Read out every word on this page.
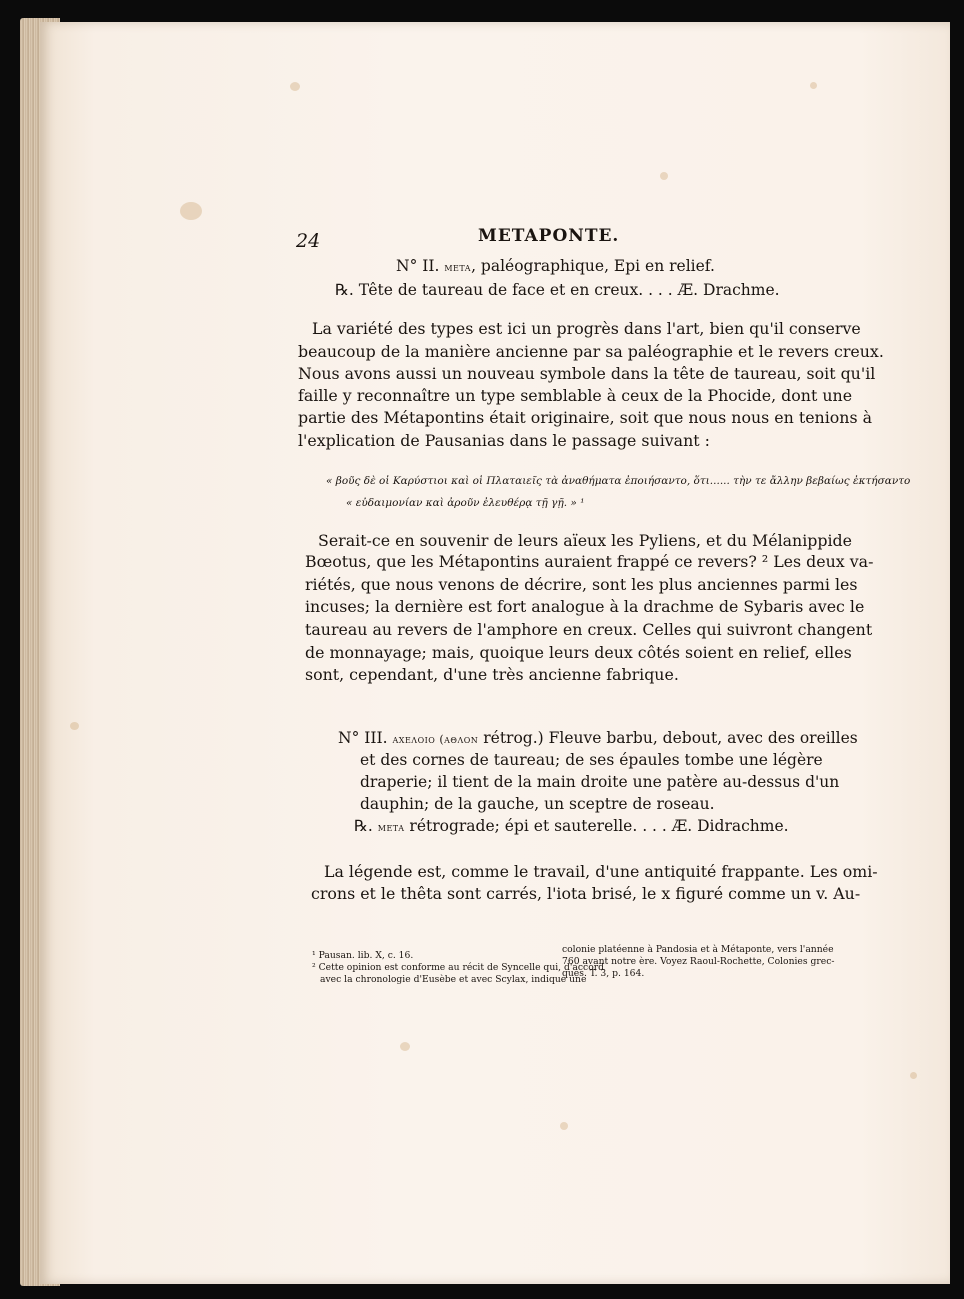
24	METAPONTE.
N° II. meta, paléographique, Epi en relief.
℞. Tête de taureau de face et en creux. . . . Æ. Drachme.
La variété des types est ici un progrès dans l'art, bien qu'il conserve
beaucoup de la manière ancienne par sa paléographie et le revers creux.
Nous avons aussi un nouveau symbole dans la tête de taureau, soit qu'il
faille y reconnaître un type semblable à ceux de la Phocide, dont une
partie des Métapontins était originaire, soit que nous nous en tenions à
l'explication de Pausanias dans le passage suivant :
« βοῦς δὲ οἱ Καρύστιοι καὶ οἱ Πλαταιεῖς τὰ ἀναθήματα ἐποιήσαντο, ὅτι...... τὴν τε ἄλλην βεβαίως ἐκτήσαντο
« εὐδαιμονίαν καὶ ἀροῦν ἐλευθέρᾳ τῇ γῇ. » ¹
Serait-ce en souvenir de leurs aïeux les Pyliens, et du Mélanippide
Bœotus, que les Métapontins auraient frappé ce revers? ² Les deux va-
riétés, que nous venons de décrire, sont les plus anciennes parmi les
incuses; la dernière est fort analogue à la drachme de Sybaris avec le
taureau au revers de l'amphore en creux. Celles qui suivront changent
de monnayage; mais, quoique leurs deux côtés soient en relief, elles
sont, cependant, d'une très ancienne fabrique.
N° III. axeλoio (aθλon rétrog.) Fleuve barbu, debout, avec des oreilles
et des cornes de taureau; de ses épaules tombe une légère
draperie; il tient de la main droite une patère au-dessus d'un
dauphin; de la gauche, un sceptre de roseau.
℞. meta rétrograde; épi et sauterelle. . . . Æ. Didrachme.
La légende est, comme le travail, d'une antiquité frappante. Les omi-
crons et le thêta sont carrés, l'iota brisé, le x figuré comme un v. Au-
¹ Pausan. lib. X, c. 16.
² Cette opinion est conforme au récit de Syncelle qui, d'accord
avec la chronologie d'Eusèbe et avec Scylax, indique une
colonie platéenne à Pandosia et à Métaponte, vers l'année
760 avant notre ère. Voyez Raoul-Rochette, Colonies grec-
ques. T. 3, p. 164.
